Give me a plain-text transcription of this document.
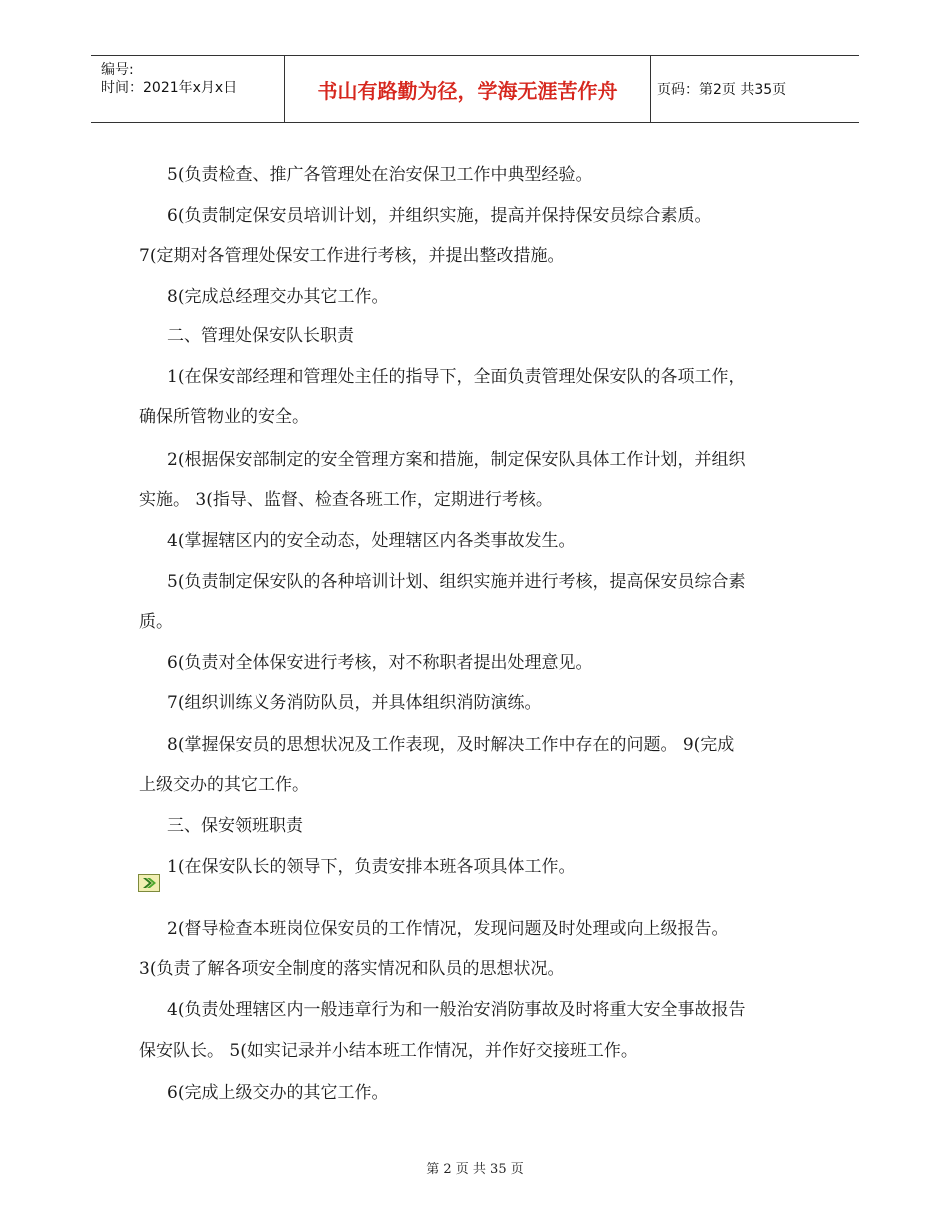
编号:
时间：2021年x月x日	书山有路勤为径，学海无涯苦作舟	页码：第2页 共35页
5(负责检查、推广各管理处在治安保卫工作中典型经验。
6(负责制定保安员培训计划，并组织实施，提高并保持保安员综合素质。
7(定期对各管理处保安工作进行考核，并提出整改措施。
8(完成总经理交办其它工作。
二、管理处保安队长职责
1(在保安部经理和管理处主任的指导下，全面负责管理处保安队的各项工作，
确保所管物业的安全。
2(根据保安部制定的安全管理方案和措施，制定保安队具体工作计划，并组织
实施。 3(指导、监督、检查各班工作，定期进行考核。
4(掌握辖区内的安全动态，处理辖区内各类事故发生。
5(负责制定保安队的各种培训计划、组织实施并进行考核，提高保安员综合素
质。
6(负责对全体保安进行考核，对不称职者提出处理意见。
7(组织训练义务消防队员，并具体组织消防演练。
8(掌握保安员的思想状况及工作表现，及时解决工作中存在的问题。 9(完成
上级交办的其它工作。
三、保安领班职责
1(在保安队长的领导下，负责安排本班各项具体工作。
2(督导检查本班岗位保安员的工作情况，发现问题及时处理或向上级报告。
3(负责了解各项安全制度的落实情况和队员的思想状况。
4(负责处理辖区内一般违章行为和一般治安消防事故及时将重大安全事故报告
保安队长。 5(如实记录并小结本班工作情况，并作好交接班工作。
6(完成上级交办的其它工作。
第 2 页 共 35 页
